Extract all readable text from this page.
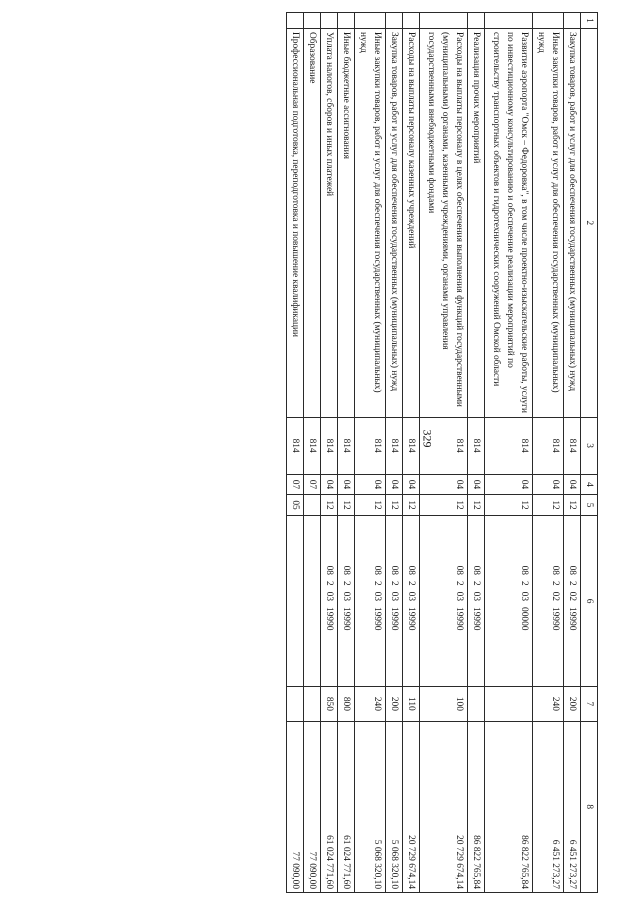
329
1	2	3	4	5	6	7	8
	Закупка товаров, работ и услуг для обеспечения государственных (муниципальных) нужд	814	04	12	0820219990	200	6 451 273,27
	Иные закупки товаров, работ и услуг для обеспечения государственных (муниципальных) нужд	814	04	12	0820219990	240	6 451 273,27
	Развитие аэропорта "Омск – Федоровка", в том числе проектно-изыскательские работы, услуги по инвестиционному консультированию и обеспечение реализации мероприятий по строительству транспортных объектов и гидротехнических сооружений Омской области	814	04	12	0820300000		86 822 765,84
	Реализация прочих мероприятий	814	04	12	0820319990		86 822 765,84
	Расходы на выплаты персоналу в целях обеспечения выполнения функций государственными (муниципальными) органами, казенными учреждениями, органами управления государственными внебюджетными фондами	814	04	12	0820319990	100	20 729 674,14
	Расходы на выплаты персоналу казенных учреждений	814	04	12	0820319990	110	20 729 674,14
	Закупка товаров, работ и услуг для обеспечения государственных (муниципальных) нужд	814	04	12	0820319990	200	5 068 320,10
	Иные закупки товаров, работ и услуг для обеспечения государственных (муниципальных) нужд	814	04	12	0820319990	240	5 068 320,10
	Иные бюджетные ассигнования	814	04	12	0820319990	800	61 024 771,60
	Уплата налогов, сборов и иных платежей	814	04	12	0820319990	850	61 024 771,60
	Образование	814	07				77 090,00
	Профессиональная подготовка, переподготовка и повышение квалификации	814	07	05			77 090,00
